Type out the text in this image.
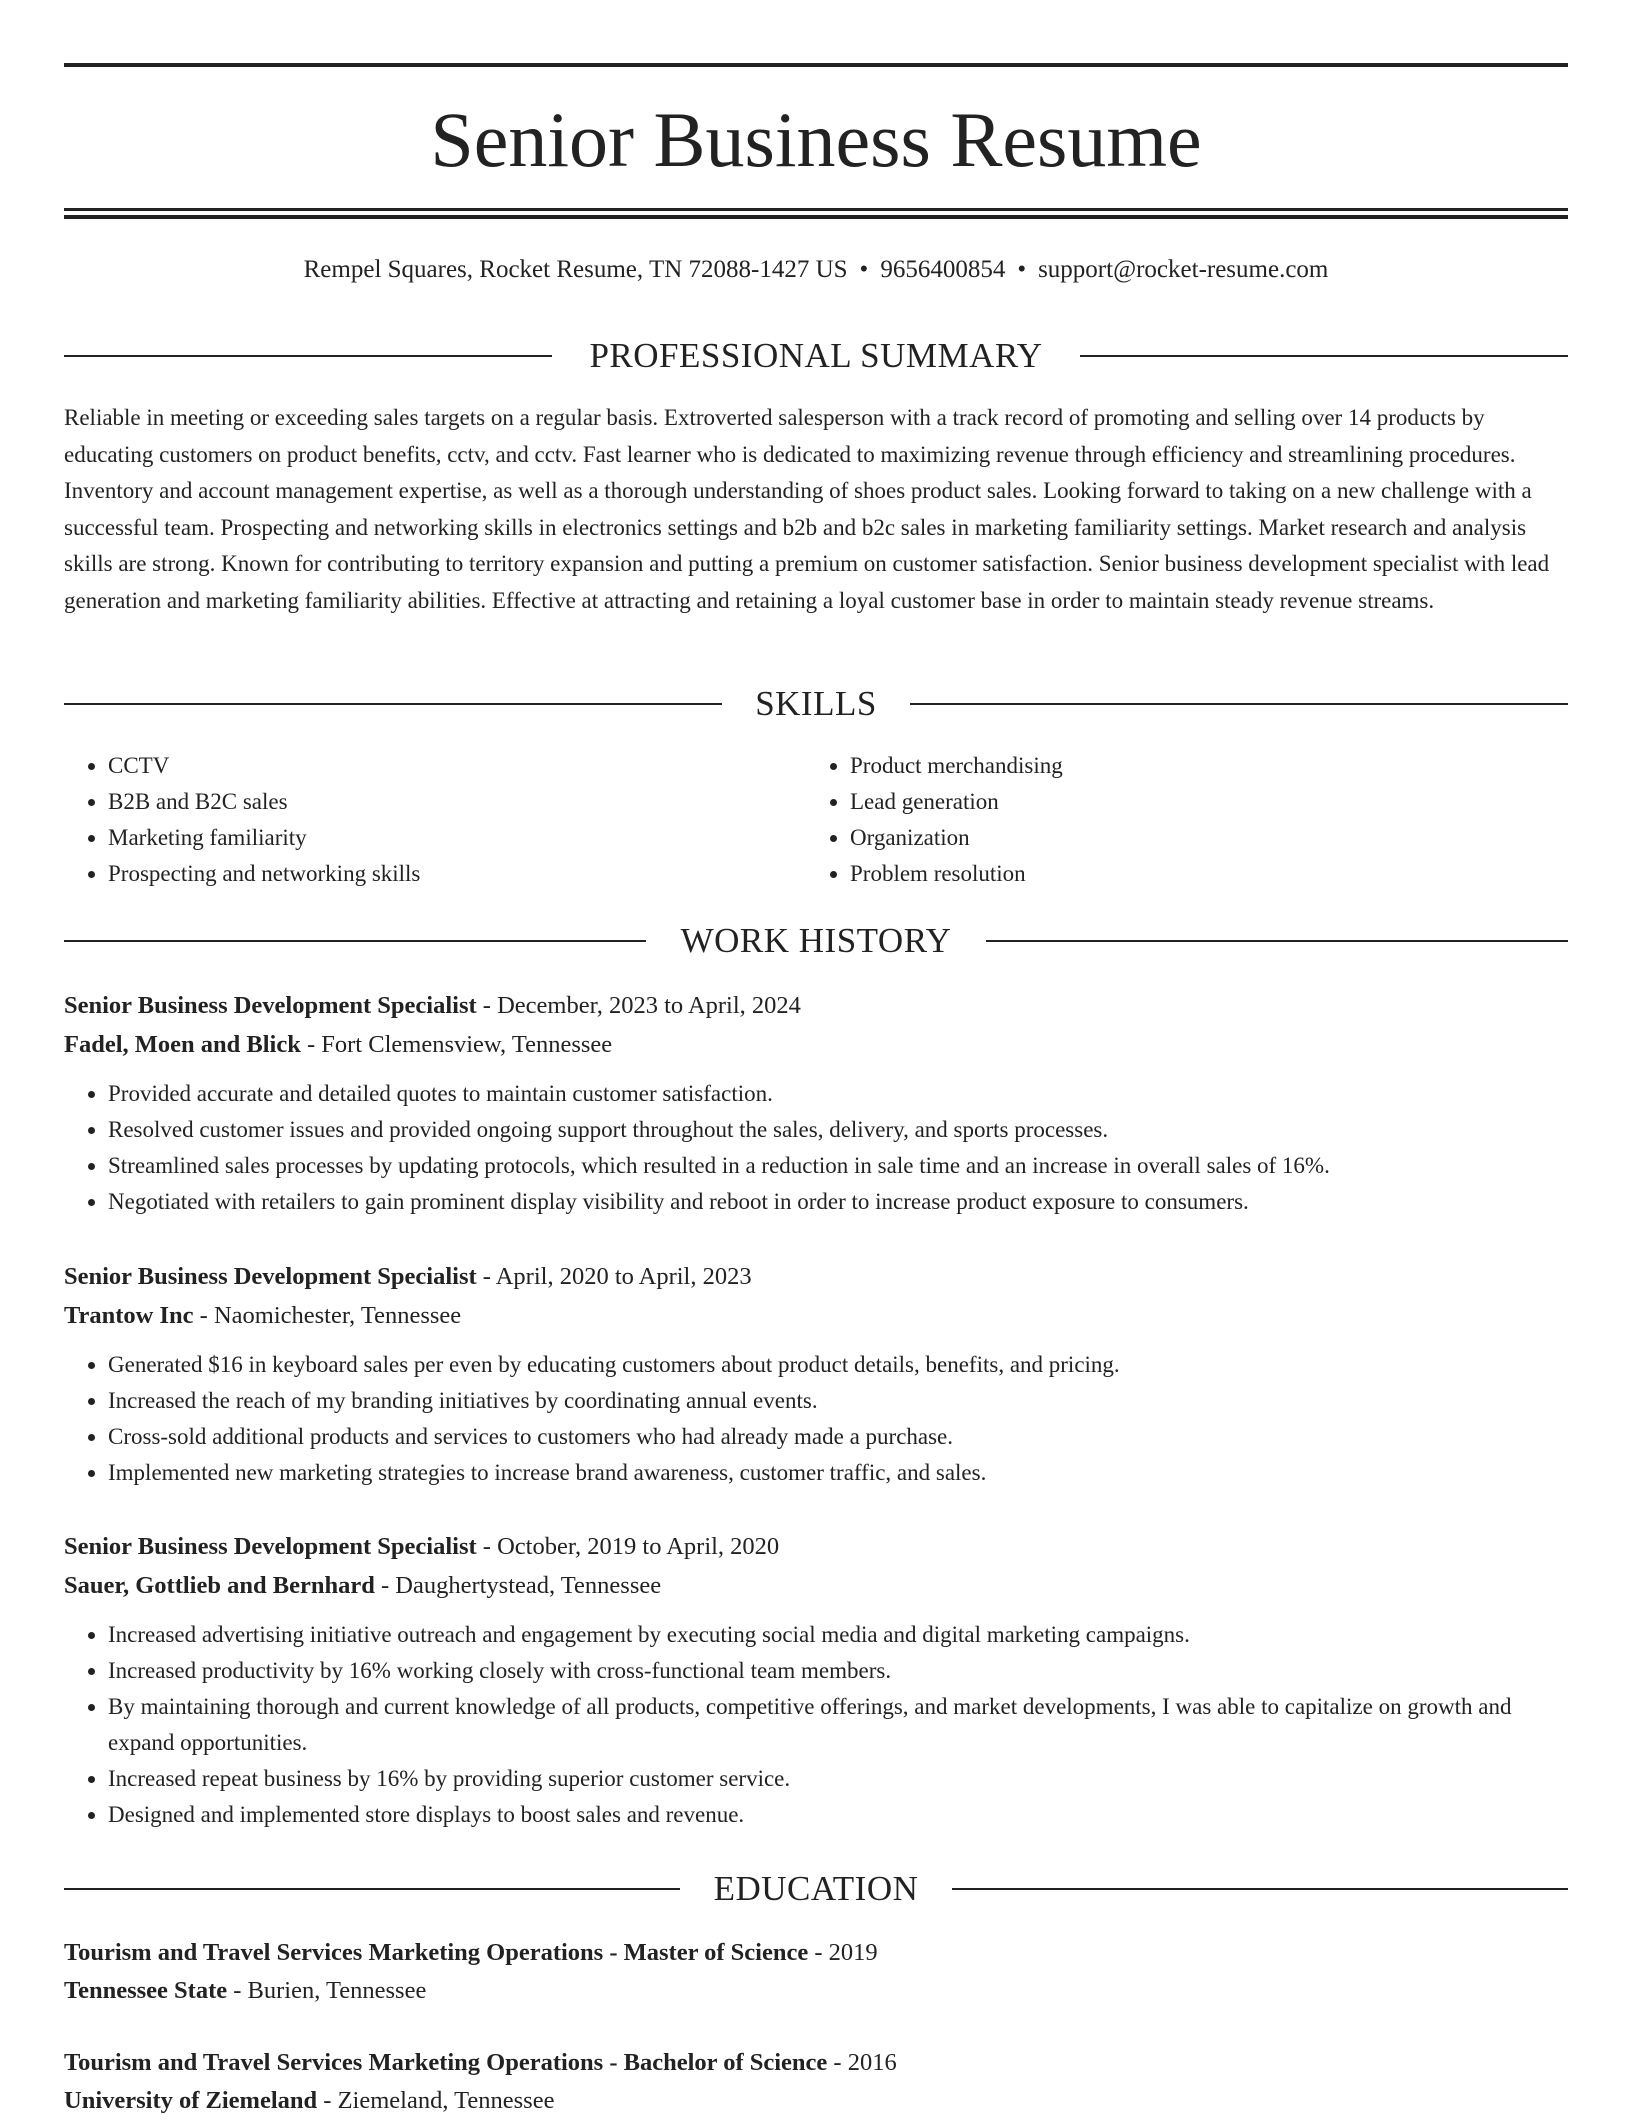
Senior Business Resume
Rempel Squares, Rocket Resume, TN 72088-1427 US • 9656400854 • support@rocket-resume.com
PROFESSIONAL SUMMARY

Reliable in meeting or exceeding sales targets on a regular basis. Extroverted salesperson with a track record of promoting and selling over 14 products by educating customers on product benefits, cctv, and cctv. Fast learner who is dedicated to maximizing revenue through efficiency and streamlining procedures. Inventory and account management expertise, as well as a thorough understanding of shoes product sales. Looking forward to taking on a new challenge with a successful team. Prospecting and networking skills in electronics settings and b2b and b2c sales in marketing familiarity settings. Market research and analysis skills are strong. Known for contributing to territory expansion and putting a premium on customer satisfaction. Senior business development specialist with lead generation and marketing familiarity abilities. Effective at attracting and retaining a loyal customer base in order to maintain steady revenue streams.

SKILLS
• CCTV
• B2B and B2C sales
• Marketing familiarity
• Prospecting and networking skills
• Product merchandising
• Lead generation
• Organization
• Problem resolution
WORK HISTORY
Senior Business Development Specialist - December, 2023 to April, 2024
Fadel, Moen and Blick - Fort Clemensview, Tennessee
• Provided accurate and detailed quotes to maintain customer satisfaction.
• Resolved customer issues and provided ongoing support throughout the sales, delivery, and sports processes.
• Streamlined sales processes by updating protocols, which resulted in a reduction in sale time and an increase in overall sales of 16%.
• Negotiated with retailers to gain prominent display visibility and reboot in order to increase product exposure to consumers.
Senior Business Development Specialist - April, 2020 to April, 2023
Trantow Inc - Naomichester, Tennessee
• Generated $16 in keyboard sales per even by educating customers about product details, benefits, and pricing.
• Increased the reach of my branding initiatives by coordinating annual events.
• Cross-sold additional products and services to customers who had already made a purchase.
• Implemented new marketing strategies to increase brand awareness, customer traffic, and sales.
Senior Business Development Specialist - October, 2019 to April, 2020
Sauer, Gottlieb and Bernhard - Daughertystead, Tennessee
• Increased advertising initiative outreach and engagement by executing social media and digital marketing campaigns.
• Increased productivity by 16% working closely with cross-functional team members.
• By maintaining thorough and current knowledge of all products, competitive offerings, and market developments, I was able to capitalize on growth and expand opportunities.
• Increased repeat business by 16% by providing superior customer service.
• Designed and implemented store displays to boost sales and revenue.
EDUCATION
Tourism and Travel Services Marketing Operations - Master of Science - 2019
Tennessee State - Burien, Tennessee
Tourism and Travel Services Marketing Operations - Bachelor of Science - 2016
University of Ziemeland - Ziemeland, Tennessee
